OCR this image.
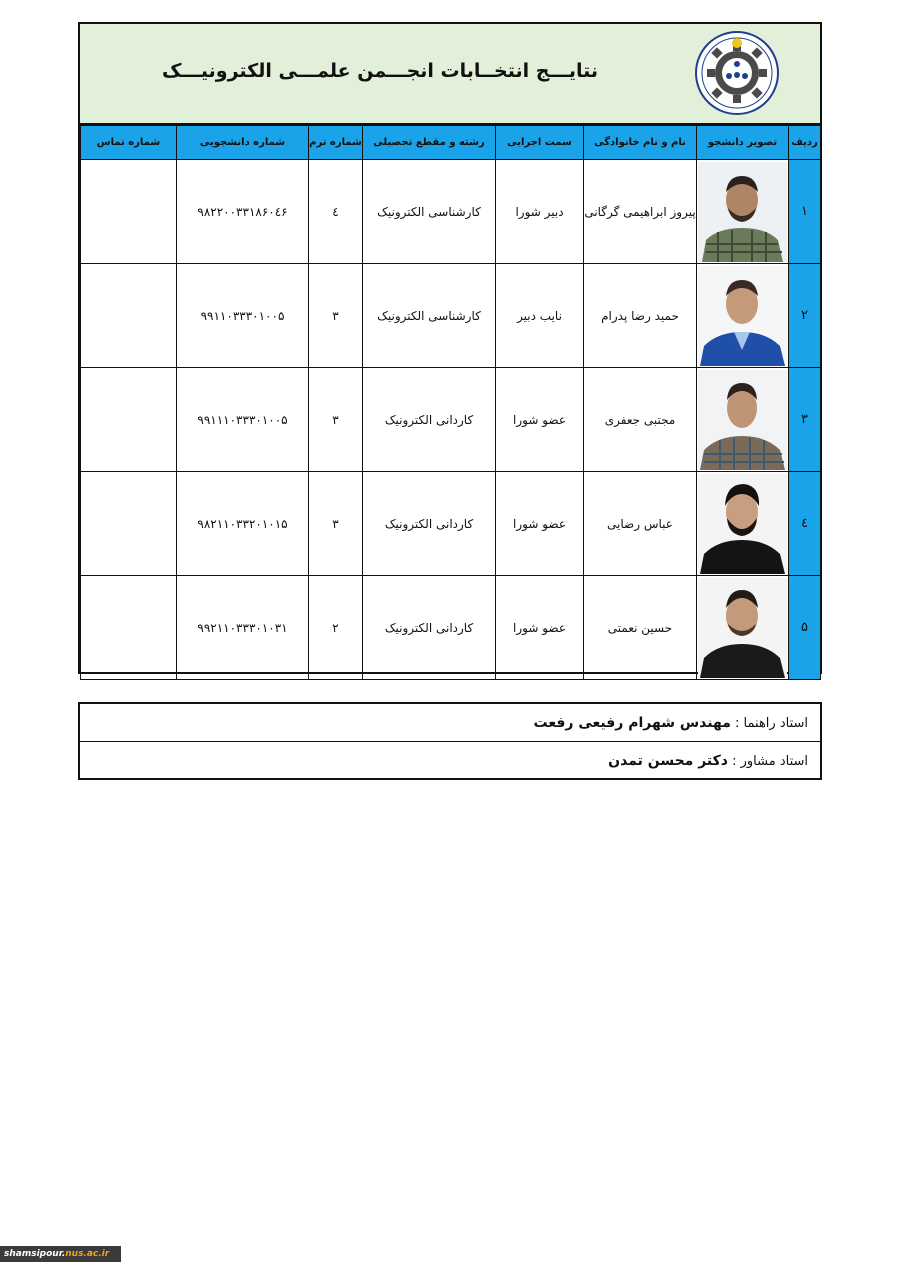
نتایـــج انتخــابات انجـــمن علمـــی الکترونیـــک
ردیف	تصویر دانشجو	نام و نام خانوادگی	سمت اجرایی	رشته و مقطع تحصیلی	شماره ترم	شماره دانشجویی	شماره تماس
۱		پیروز ابراهیمی گرگانی	دبیر شورا	کارشناسی الکترونیک	٤	۹۸۲۲۰۰۳۳۱۸۶۰٤۶	
۲		حمید رضا پدرام	نایب دبیر	کارشناسی الکترونیک	۳	۹۹۱۱۰۳۳۳۰۱۰۰۵	
۳		مجتبی جعفری	عضو شورا	کاردانی الکترونیک	۳	۹۹۱۱۱۰۳۳۳۰۱۰۰۵	
٤		عباس رضایی	عضو شورا	کاردانی الکترونیک	۳	۹۸۲۱۱۰۳۳۲۰۱۰۱۵	
۵		حسین نعمتی	عضو شورا	کاردانی الکترونیک	۲	۹۹۲۱۱۰۳۳۳۰۱۰۳۱	
استاد راهنما : مهندس شهرام رفیعی رفعت
استاد مشاور : دکتر محسن تمدن
shamsipour.nus.ac.ir
